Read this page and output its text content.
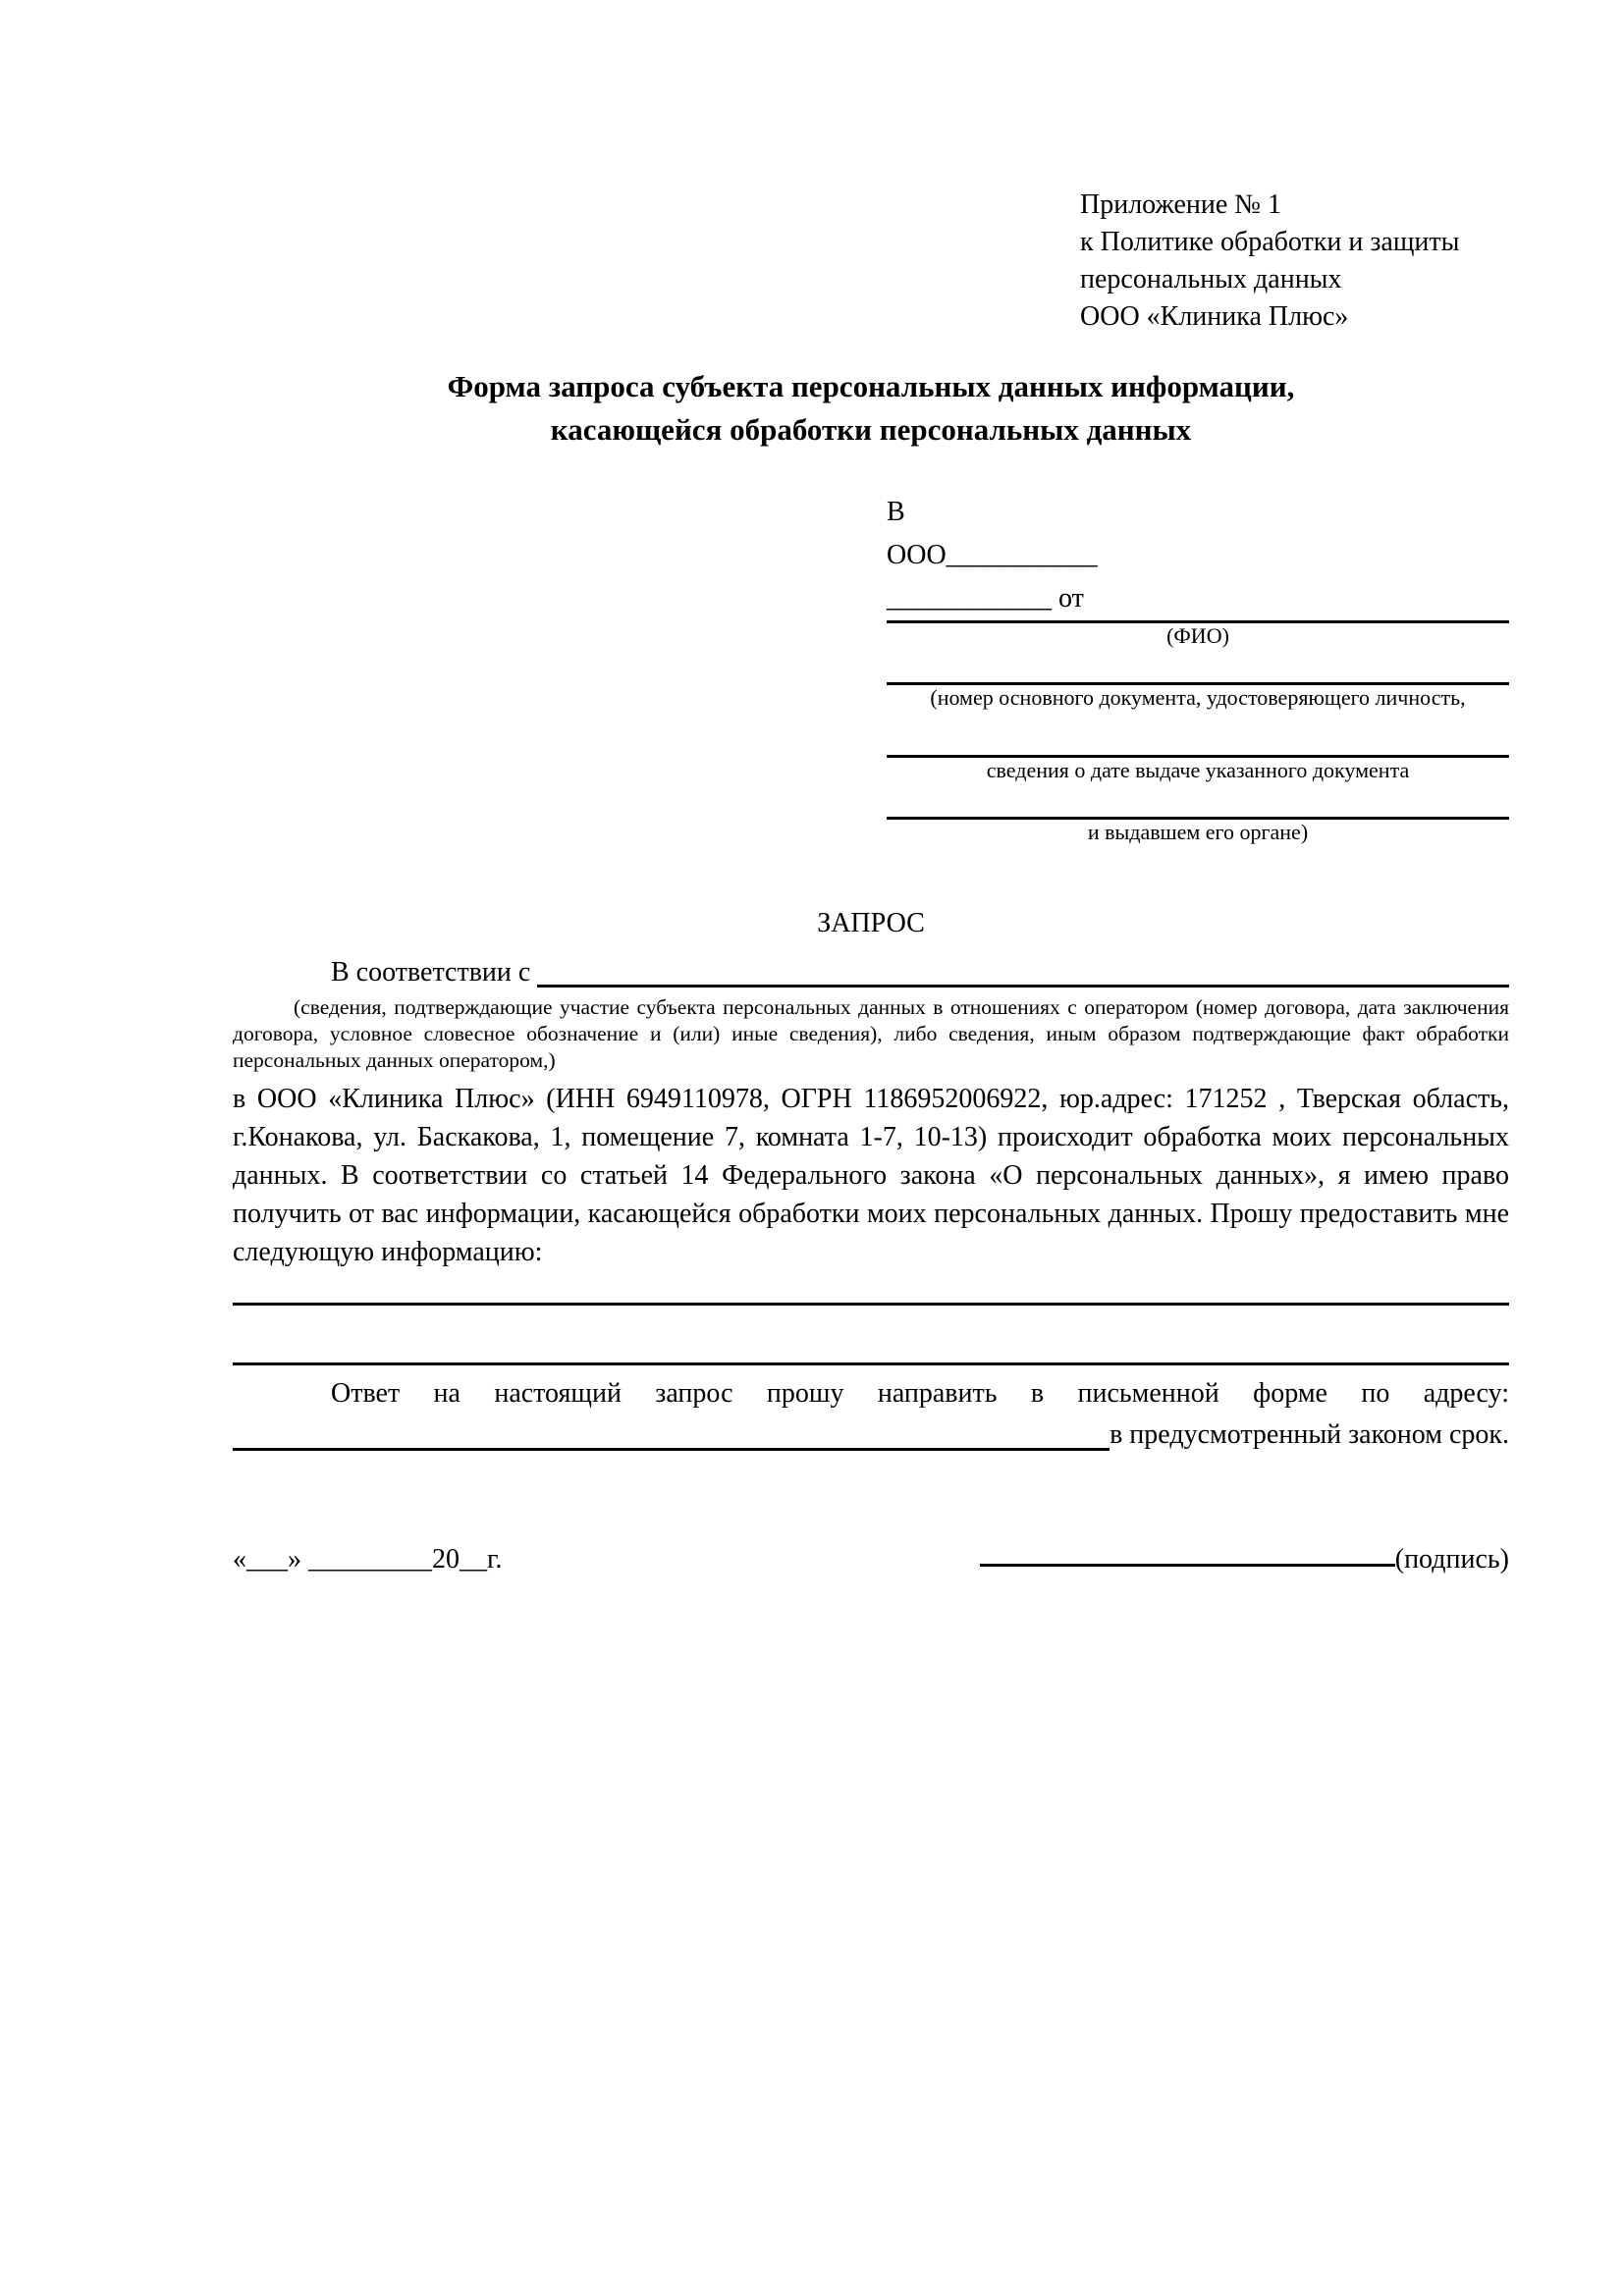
Приложение № 1
к Политике обработки и защиты
персональных данных
ООО «Клиника Плюс»
Форма запроса субъекта персональных данных информации,
касающейся обработки персональных данных
В
ООО___________
____________ от
(ФИО)
(номер основного документа, удостоверяющего личность,
сведения о дате выдаче указанного документа
и выдавшем его органе)
ЗАПРОС
В соответствии с
(сведения, подтверждающие участие субъекта персональных данных в отношениях с оператором (номер договора, дата заключения договора, условное словесное обозначение и (или) иные сведения), либо сведения, иным образом подтверждающие факт обработки персональных данных оператором,)
в ООО «Клиника Плюс» (ИНН 6949110978, ОГРН 1186952006922, юр.адрес: 171252 , Тверская область, г.Конакова, ул. Баскакова, 1, помещение 7, комната 1-7, 10-13) происходит обработка моих персональных данных. В соответствии со статьей 14 Федерального закона «О персональных данных», я имею право получить от вас информации, касающейся обработки моих персональных данных. Прошу предоставить мне следующую информацию:
Ответ на настоящий запрос прошу направить в письменной форме по адресу:
в предусмотренный законом срок.
«___» _________20__г.	(подпись)
